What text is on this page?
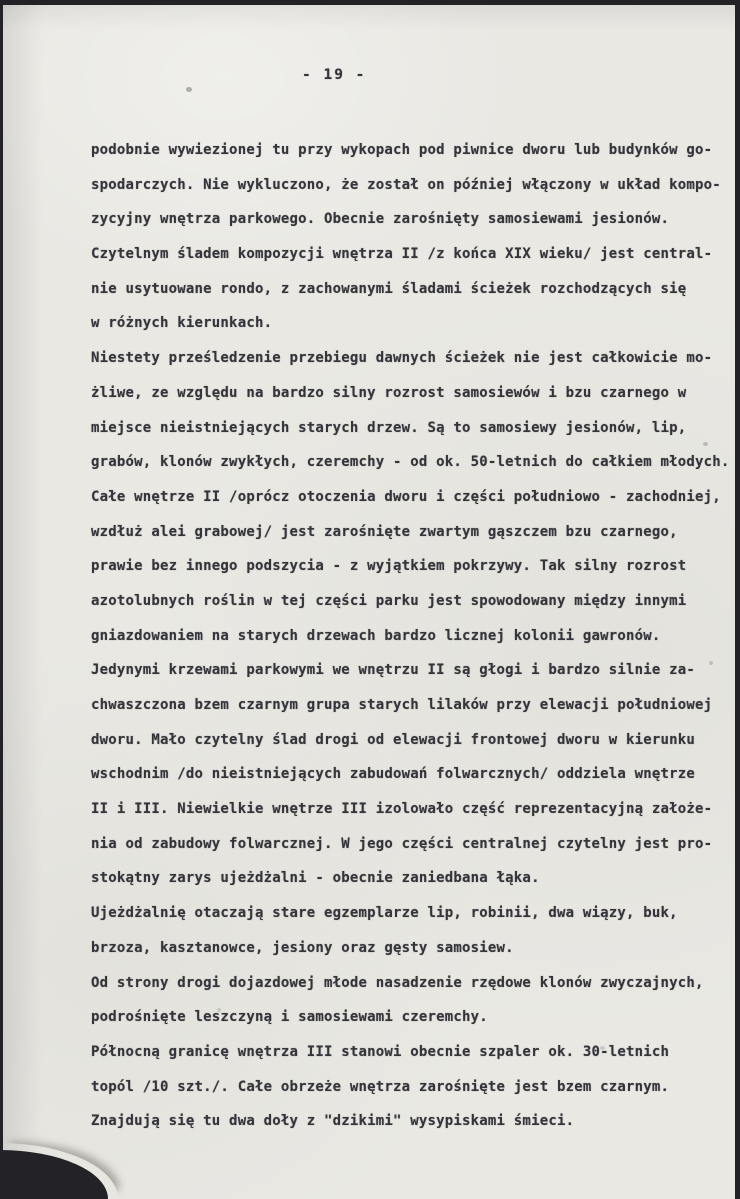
- 19 -
podobnie wywiezionej tu przy wykopach pod piwnice dworu lub budynków go-
spodarczych. Nie wykluczono, że został on później włączony w układ kompo-
zycyjny wnętrza parkowego. Obecnie zarośnięty samosiewami jesionów.
Czytelnym śladem kompozycji wnętrza II /z końca XIX wieku/ jest central-
nie usytuowane rondo, z zachowanymi śladami ścieżek rozchodzących się
w różnych kierunkach.
Niestety prześledzenie przebiegu dawnych ścieżek nie jest całkowicie mo-
żliwe, ze względu na bardzo silny rozrost samosiewów i bzu czarnego w
miejsce nieistniejących starych drzew. Są to samosiewy jesionów, lip,
grabów, klonów zwykłych, czeremchy - od ok. 50-letnich do całkiem młodych.
Całe wnętrze II /oprócz otoczenia dworu i części południowo - zachodniej,
wzdłuż alei grabowej/ jest zarośnięte zwartym gąszczem bzu czarnego,
prawie bez innego podszycia - z wyjątkiem pokrzywy. Tak silny rozrost
azotolubnych roślin w tej części parku jest spowodowany między innymi
gniazdowaniem na starych drzewach bardzo licznej kolonii gawronów.
Jedynymi krzewami parkowymi we wnętrzu II są głogi i bardzo silnie za-
chwaszczona bzem czarnym grupa starych lilaków przy elewacji południowej
dworu. Mało czytelny ślad drogi od elewacji frontowej dworu w kierunku
wschodnim /do nieistniejących zabudowań folwarcznych/ oddziela wnętrze
II i III. Niewielkie wnętrze III izolowało część reprezentacyjną założe-
nia od zabudowy folwarcznej. W jego części centralnej czytelny jest pro-
stokątny zarys ujeżdżalni - obecnie zaniedbana łąka.
Ujeżdżalnię otaczają stare egzemplarze lip, robinii, dwa wiązy, buk,
brzoza, kasztanowce, jesiony oraz gęsty samosiew.
Od strony drogi dojazdowej młode nasadzenie rzędowe klonów zwyczajnych,
podrośnięte leszczyną i samosiewami czeremchy.
Północną granicę wnętrza III stanowi obecnie szpaler ok. 30-letnich
topól /10 szt./. Całe obrzeże wnętrza zarośnięte jest bzem czarnym.
Znajdują się tu dwa doły z "dzikimi" wysypiskami śmieci.
